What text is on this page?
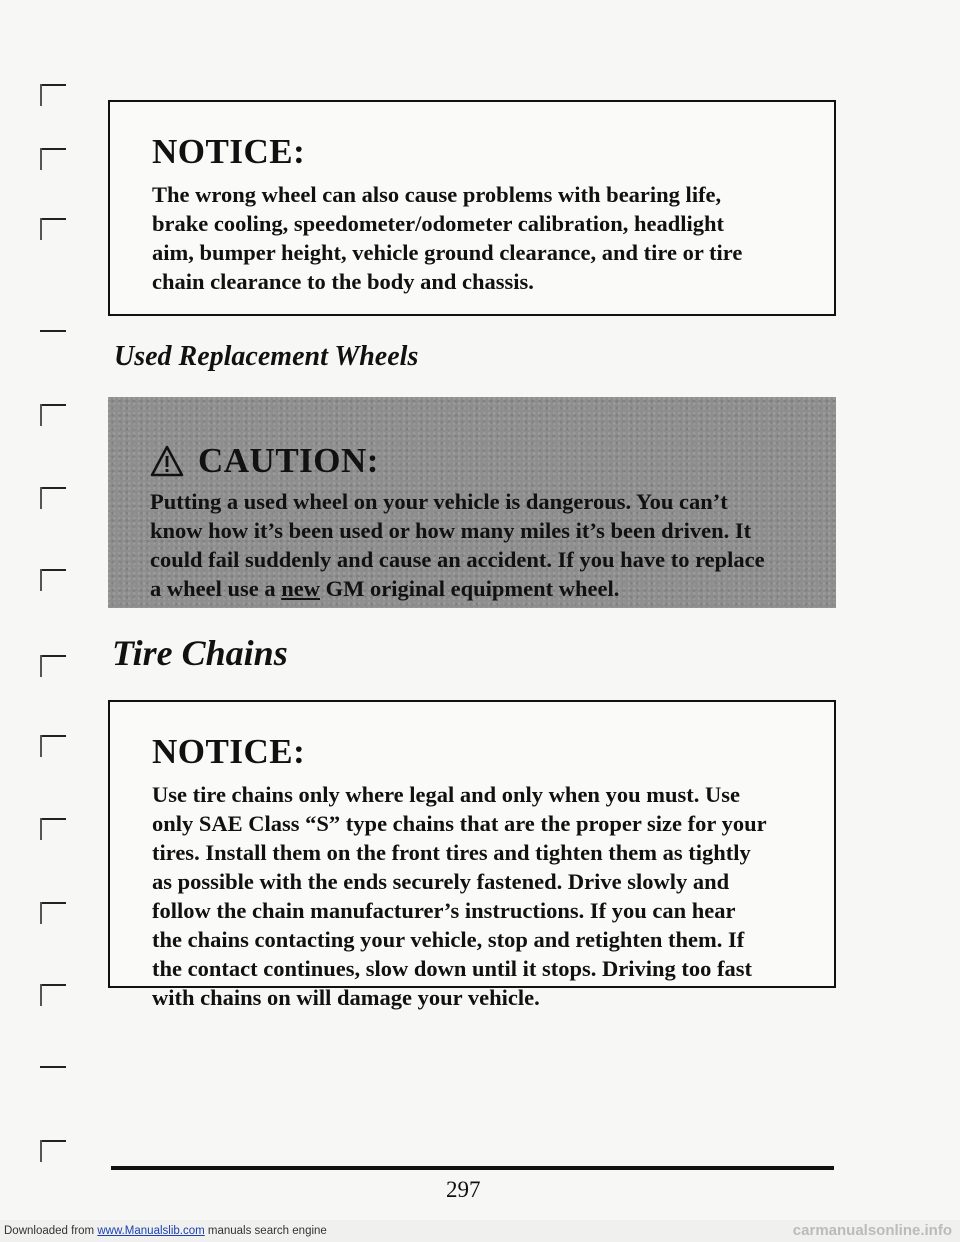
NOTICE:

The wrong wheel can also cause problems with bearing life,
brake cooling, speedometer/odometer calibration, headlight
aim, bumper height, vehicle ground clearance, and tire or tire
chain clearance to the body and chassis.

Used Replacement Wheels

CAUTION:

Putting a used wheel on your vehicle is dangerous. You can’t
know how it’s been used or how many miles it’s been driven. It
could fail suddenly and cause an accident. If you have to replace
a wheel use a new GM original equipment wheel.

Tire Chains

NOTICE:

Use tire chains only where legal and only when you must. Use
only SAE Class “S” type chains that are the proper size for your
tires. Install them on the front tires and tighten them as tightly
as possible with the ends securely fastened. Drive slowly and
follow the chain manufacturer’s instructions. If you can hear
the chains contacting your vehicle, stop and retighten them. If
the contact continues, slow down until it stops. Driving too fast
with chains on will damage your vehicle.

297

Downloaded from www.Manualslib.com manuals search engine	carmanualsonline.info
